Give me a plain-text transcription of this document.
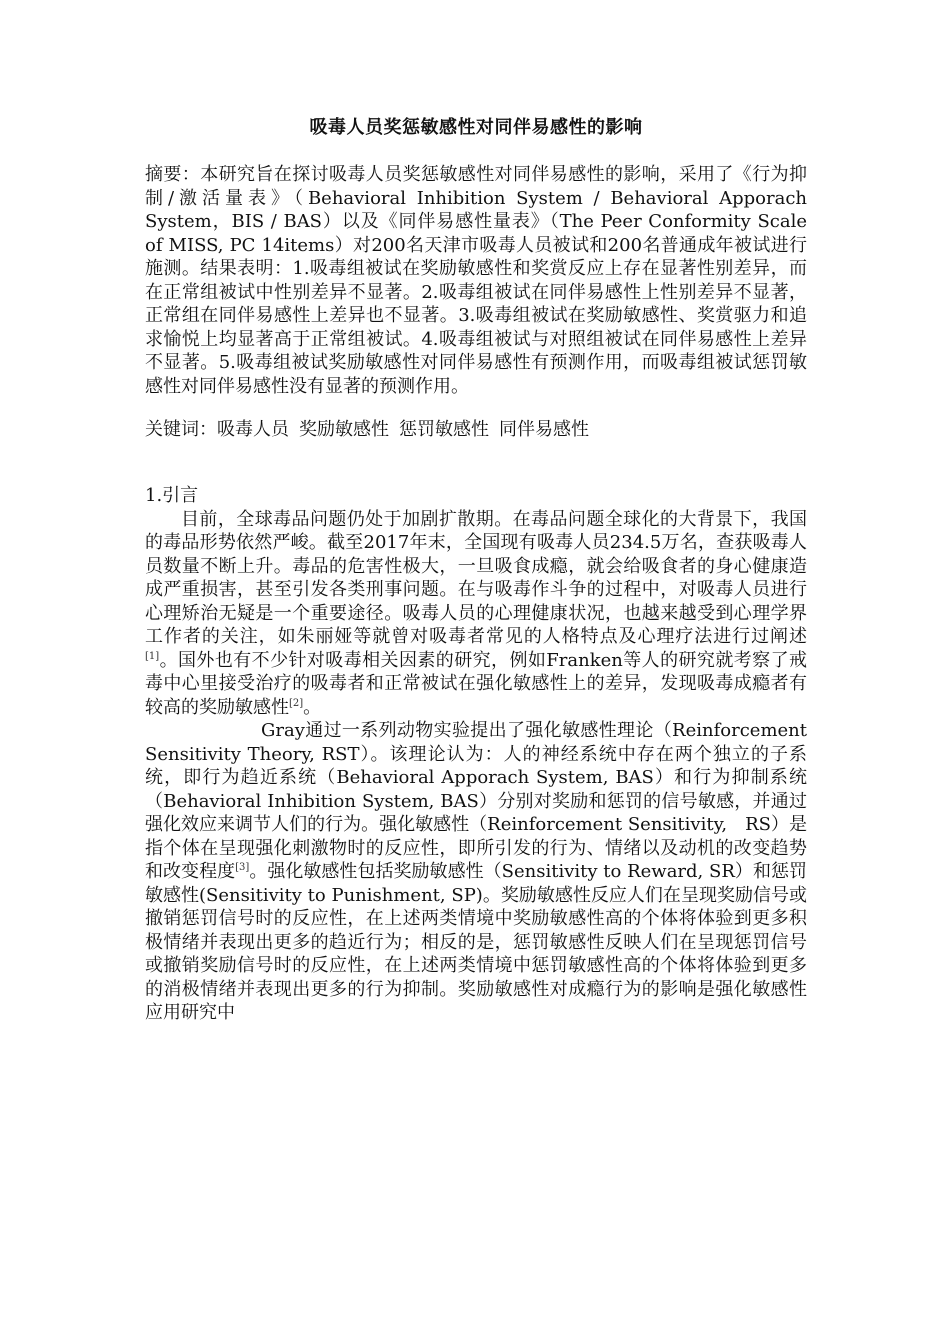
吸毒人员奖惩敏感性对同伴易感性的影响

摘要：本研究旨在探讨吸毒人员奖惩敏感性对同伴易感性的影响，采用了《行为抑制/激活量表》（Behavioral Inhibition System / Behavioral Apporach System，BIS / BAS）以及《同伴易感性量表》（The Peer Conformity Scale of MISS, PC 14items）对200名天津市吸毒人员被试和200名普通成年被试进行施测。结果表明：1.吸毒组被试在奖励敏感性和奖赏反应上存在显著性别差异，而在正常组被试中性别差异不显著。2.吸毒组被试在同伴易感性上性别差异不显著，正常组在同伴易感性上差异也不显著。3.吸毒组被试在奖励敏感性、奖赏驱力和追求愉悦上均显著高于正常组被试。4.吸毒组被试与对照组被试在同伴易感性上差异不显著。5.吸毒组被试奖励敏感性对同伴易感性有预测作用，而吸毒组被试惩罚敏感性对同伴易感性没有显著的预测作用。

关键词：吸毒人员 奖励敏感性 惩罚敏感性 同伴易感性

1.引言

目前，全球毒品问题仍处于加剧扩散期。在毒品问题全球化的大背景下，我国的毒品形势依然严峻。截至2017年末，全国现有吸毒人员234.5万名，查获吸毒人员数量不断上升。毒品的危害性极大，一旦吸食成瘾，就会给吸食者的身心健康造成严重损害，甚至引发各类刑事问题。在与吸毒作斗争的过程中，对吸毒人员进行心理矫治无疑是一个重要途径。吸毒人员的心理健康状况，也越来越受到心理学界工作者的关注，如朱丽娅等就曾对吸毒者常见的人格特点及心理疗法进行过阐述[1]。国外也有不少针对吸毒相关因素的研究，例如Franken等人的研究就考察了戒毒中心里接受治疗的吸毒者和正常被试在强化敏感性上的差异，发现吸毒成瘾者有较高的奖励敏感性[2]。

Gray通过一系列动物实验提出了强化敏感性理论（Reinforcement Sensitivity Theory, RST）。该理论认为：人的神经系统中存在两个独立的子系统，即行为趋近系统（Behavioral Apporach System, BAS）和行为抑制系统（Behavioral Inhibition System, BAS）分别对奖励和惩罚的信号敏感，并通过强化效应来调节人们的行为。强化敏感性（Reinforcement Sensitivity,　RS）是指个体在呈现强化刺激物时的反应性，即所引发的行为、情绪以及动机的改变趋势和改变程度[3]。强化敏感性包括奖励敏感性（Sensitivity to Reward, SR）和惩罚敏感性(Sensitivity to Punishment, SP)。奖励敏感性反应人们在呈现奖励信号或撤销惩罚信号时的反应性，在上述两类情境中奖励敏感性高的个体将体验到更多积极情绪并表现出更多的趋近行为；相反的是，惩罚敏感性反映人们在呈现惩罚信号或撤销奖励信号时的反应性，在上述两类情境中惩罚敏感性高的个体将体验到更多的消极情绪并表现出更多的行为抑制。奖励敏感性对成瘾行为的影响是强化敏感性应用研究中
